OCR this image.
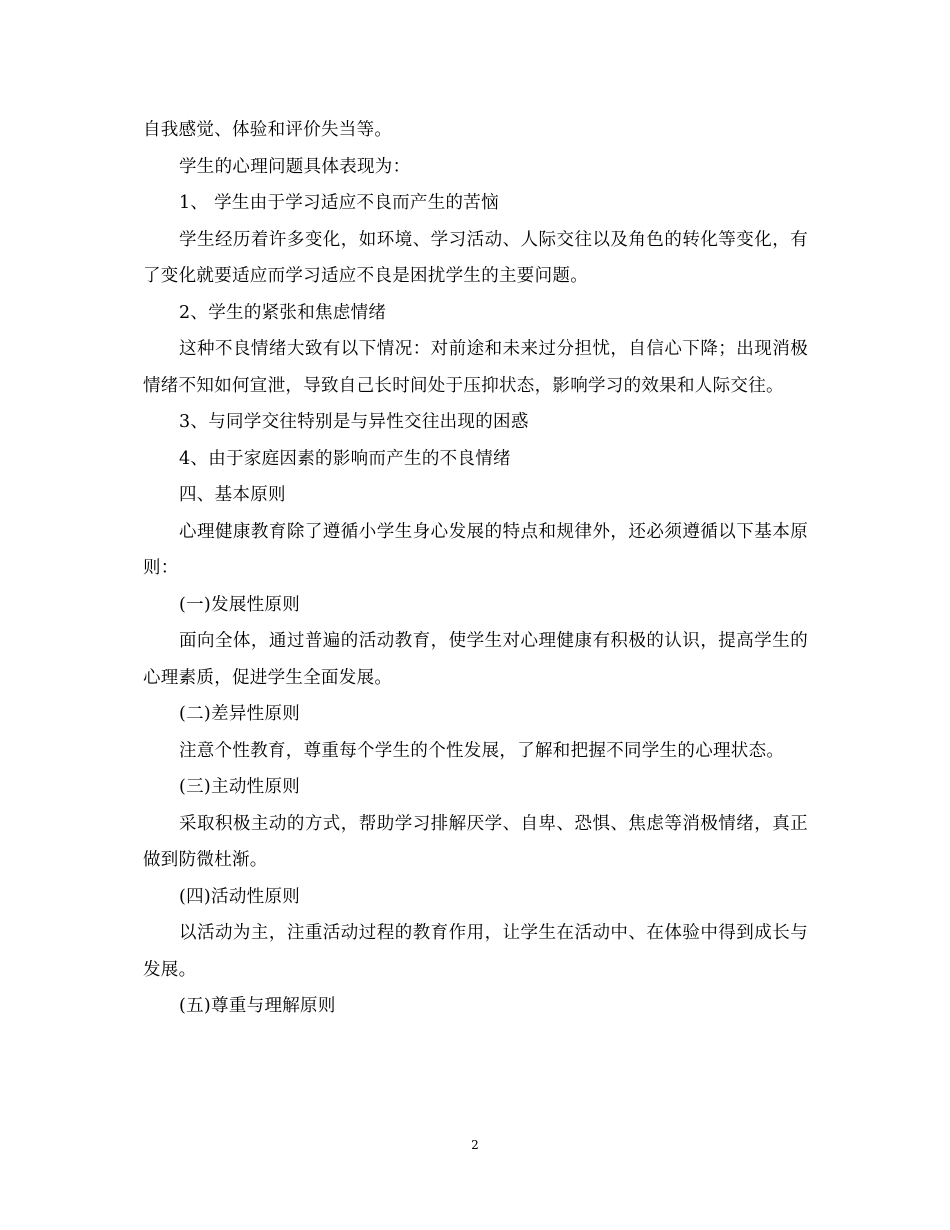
自我感觉、体验和评价失当等。

学生的心理问题具体表现为：

1、 学生由于学习适应不良而产生的苦恼

学生经历着许多变化，如环境、学习活动、人际交往以及角色的转化等变化，有了变化就要适应而学习适应不良是困扰学生的主要问题。

2、学生的紧张和焦虑情绪

这种不良情绪大致有以下情况：对前途和未来过分担忧，自信心下降；出现消极情绪不知如何宣泄，导致自己长时间处于压抑状态，影响学习的效果和人际交往。

3、与同学交往特别是与异性交往出现的困惑

4、由于家庭因素的影响而产生的不良情绪

四、基本原则

心理健康教育除了遵循小学生身心发展的特点和规律外，还必须遵循以下基本原则：

(一)发展性原则

面向全体，通过普遍的活动教育，使学生对心理健康有积极的认识，提高学生的心理素质，促进学生全面发展。

(二)差异性原则

注意个性教育，尊重每个学生的个性发展，了解和把握不同学生的心理状态。

(三)主动性原则

采取积极主动的方式，帮助学习排解厌学、自卑、恐惧、焦虑等消极情绪，真正做到防微杜渐。

(四)活动性原则

以活动为主，注重活动过程的教育作用，让学生在活动中、在体验中得到成长与发展。

(五)尊重与理解原则

2
